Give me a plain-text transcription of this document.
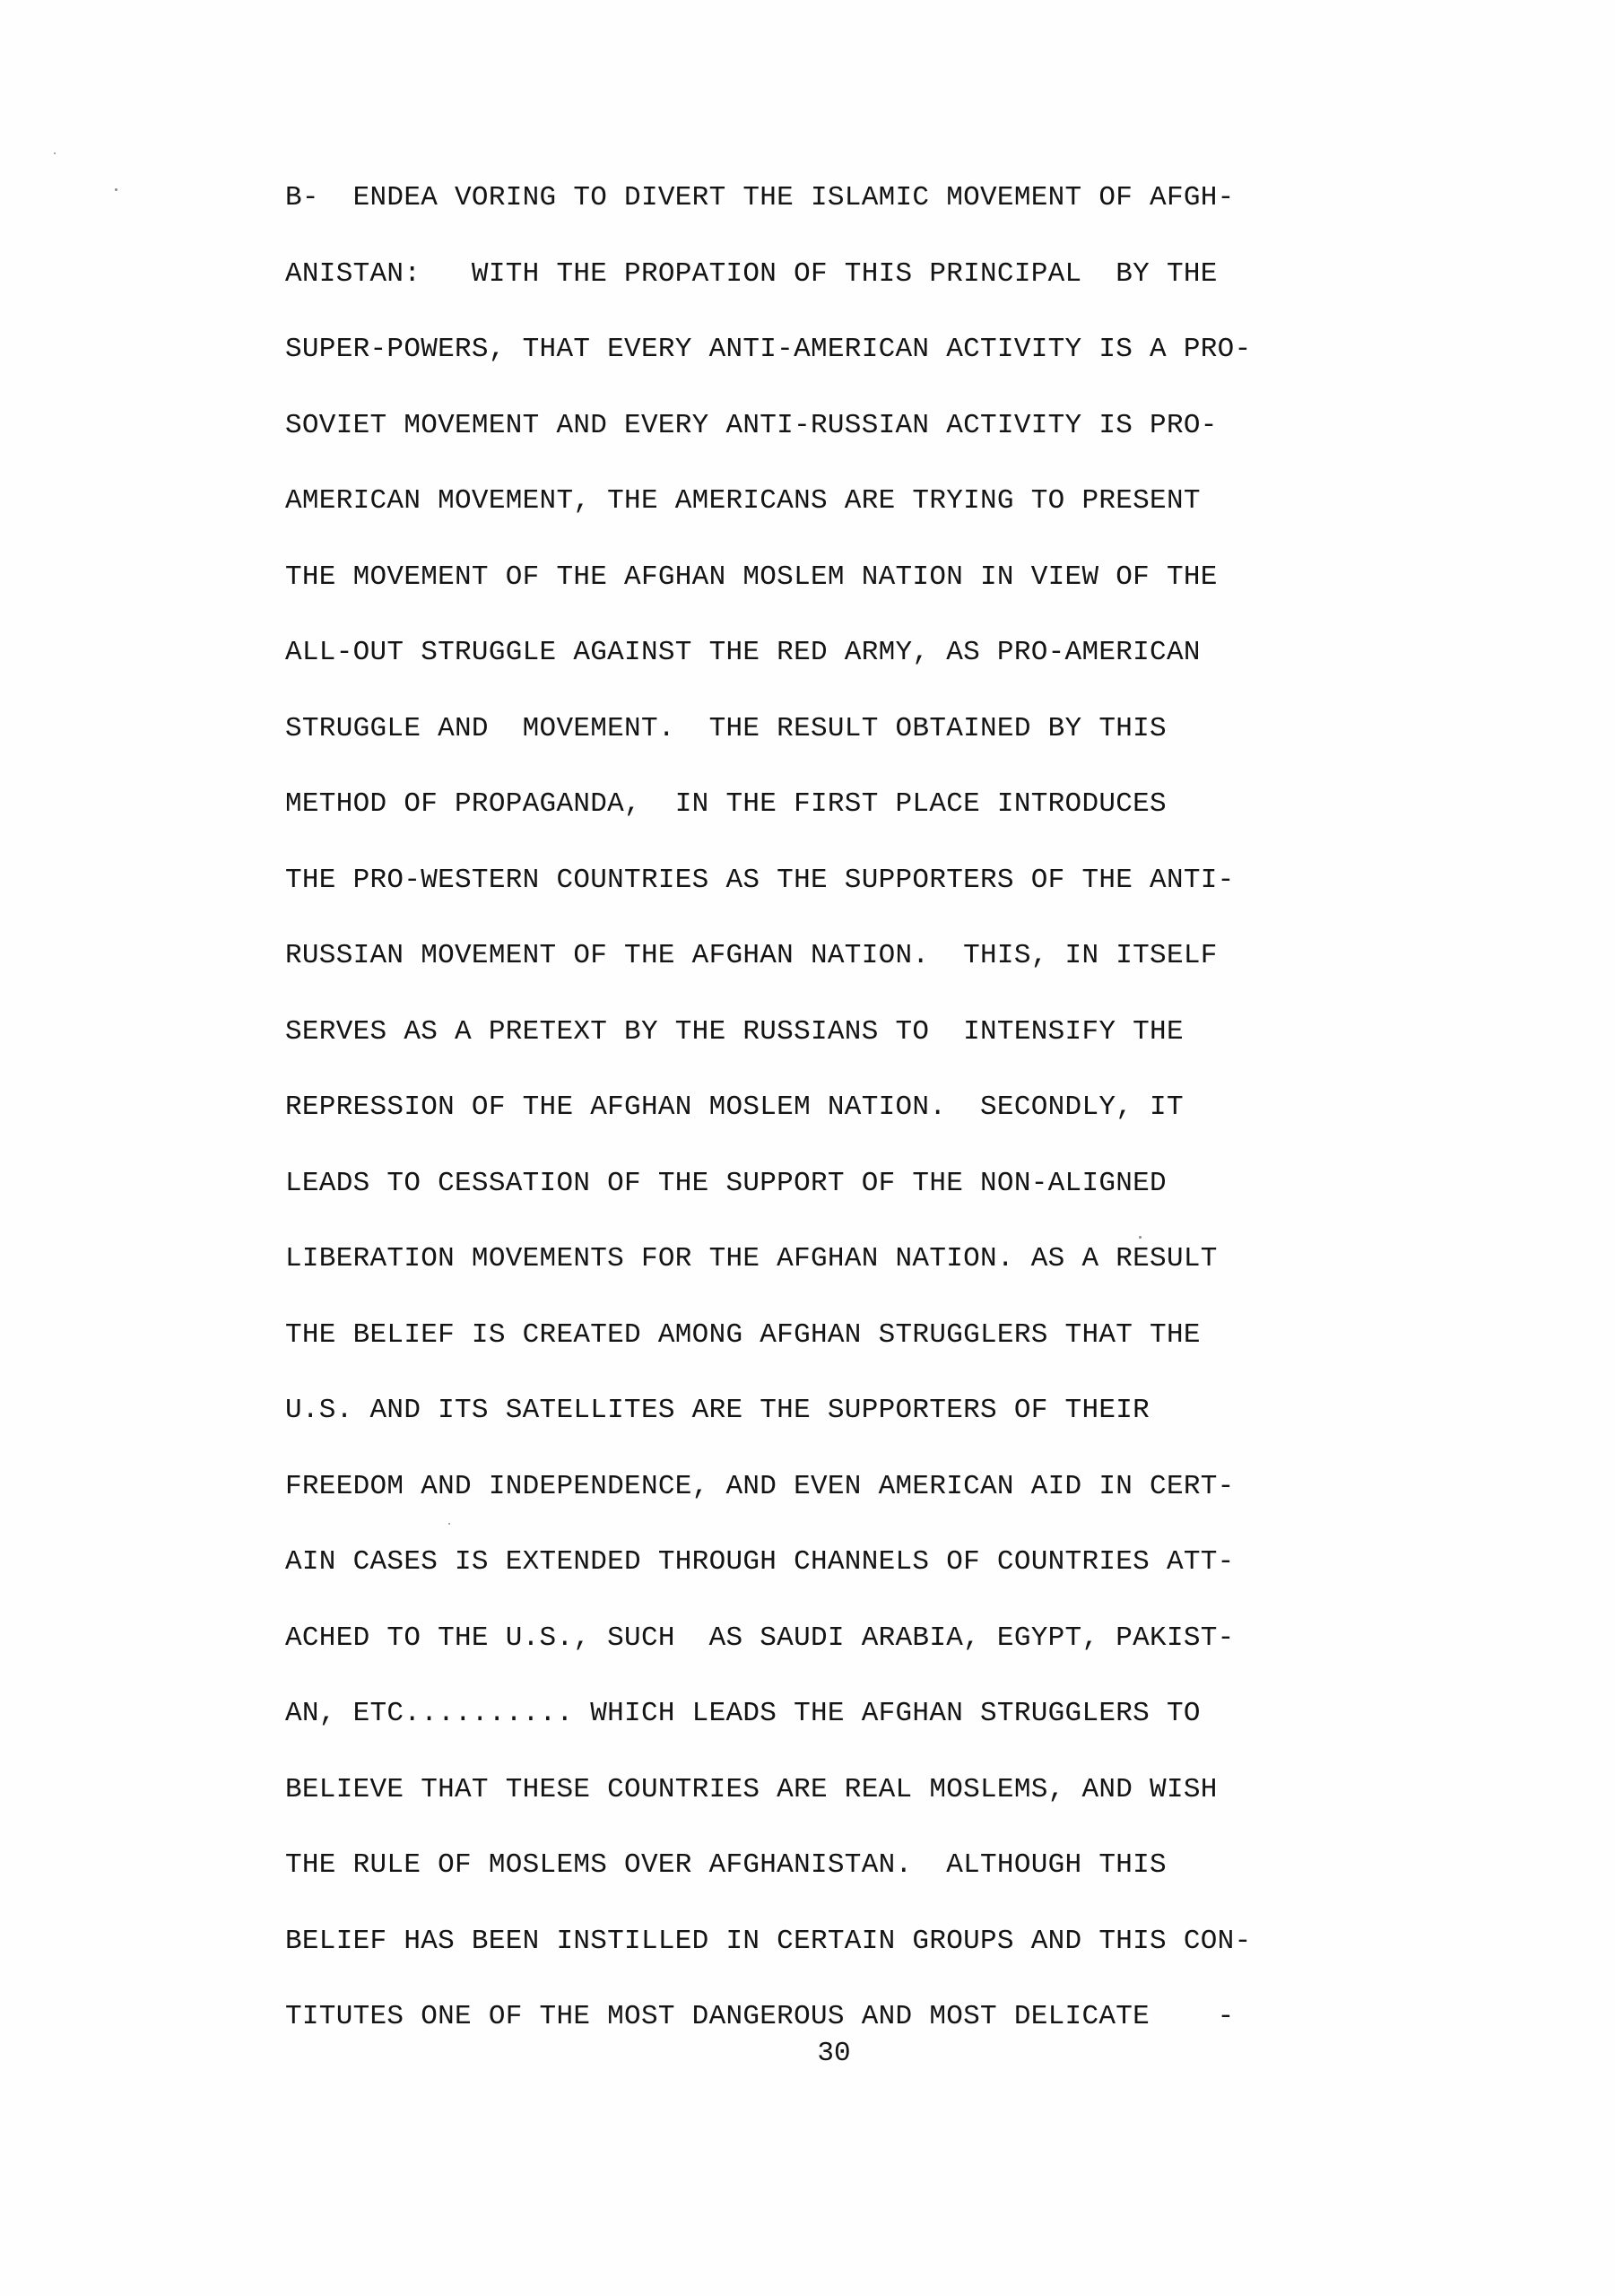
B-  ENDEA VORING TO DIVERT THE ISLAMIC MOVEMENT OF AFGH-
ANISTAN:   WITH THE PROPATION OF THIS PRINCIPAL  BY THE
SUPER-POWERS, THAT EVERY ANTI-AMERICAN ACTIVITY IS A PRO-
SOVIET MOVEMENT AND EVERY ANTI-RUSSIAN ACTIVITY IS PRO-
AMERICAN MOVEMENT, THE AMERICANS ARE TRYING TO PRESENT
THE MOVEMENT OF THE AFGHAN MOSLEM NATION IN VIEW OF THE
ALL-OUT STRUGGLE AGAINST THE RED ARMY, AS PRO-AMERICAN
STRUGGLE AND  MOVEMENT.  THE RESULT OBTAINED BY THIS
METHOD OF PROPAGANDA,  IN THE FIRST PLACE INTRODUCES
THE PRO-WESTERN COUNTRIES AS THE SUPPORTERS OF THE ANTI-
RUSSIAN MOVEMENT OF THE AFGHAN NATION.  THIS, IN ITSELF
SERVES AS A PRETEXT BY THE RUSSIANS TO  INTENSIFY THE
REPRESSION OF THE AFGHAN MOSLEM NATION.  SECONDLY, IT
LEADS TO CESSATION OF THE SUPPORT OF THE NON-ALIGNED
LIBERATION MOVEMENTS FOR THE AFGHAN NATION. AS A RESULT
THE BELIEF IS CREATED AMONG AFGHAN STRUGGLERS THAT THE
U.S. AND ITS SATELLITES ARE THE SUPPORTERS OF THEIR
FREEDOM AND INDEPENDENCE, AND EVEN AMERICAN AID IN CERT-
AIN CASES IS EXTENDED THROUGH CHANNELS OF COUNTRIES ATT-
ACHED TO THE U.S., SUCH  AS SAUDI ARABIA, EGYPT, PAKIST-
AN, ETC.......... WHICH LEADS THE AFGHAN STRUGGLERS TO
BELIEVE THAT THESE COUNTRIES ARE REAL MOSLEMS, AND WISH
THE RULE OF MOSLEMS OVER AFGHANISTAN.  ALTHOUGH THIS
BELIEF HAS BEEN INSTILLED IN CERTAIN GROUPS AND THIS CON-
TITUTES ONE OF THE MOST DANGEROUS AND MOST DELICATE    -
30
